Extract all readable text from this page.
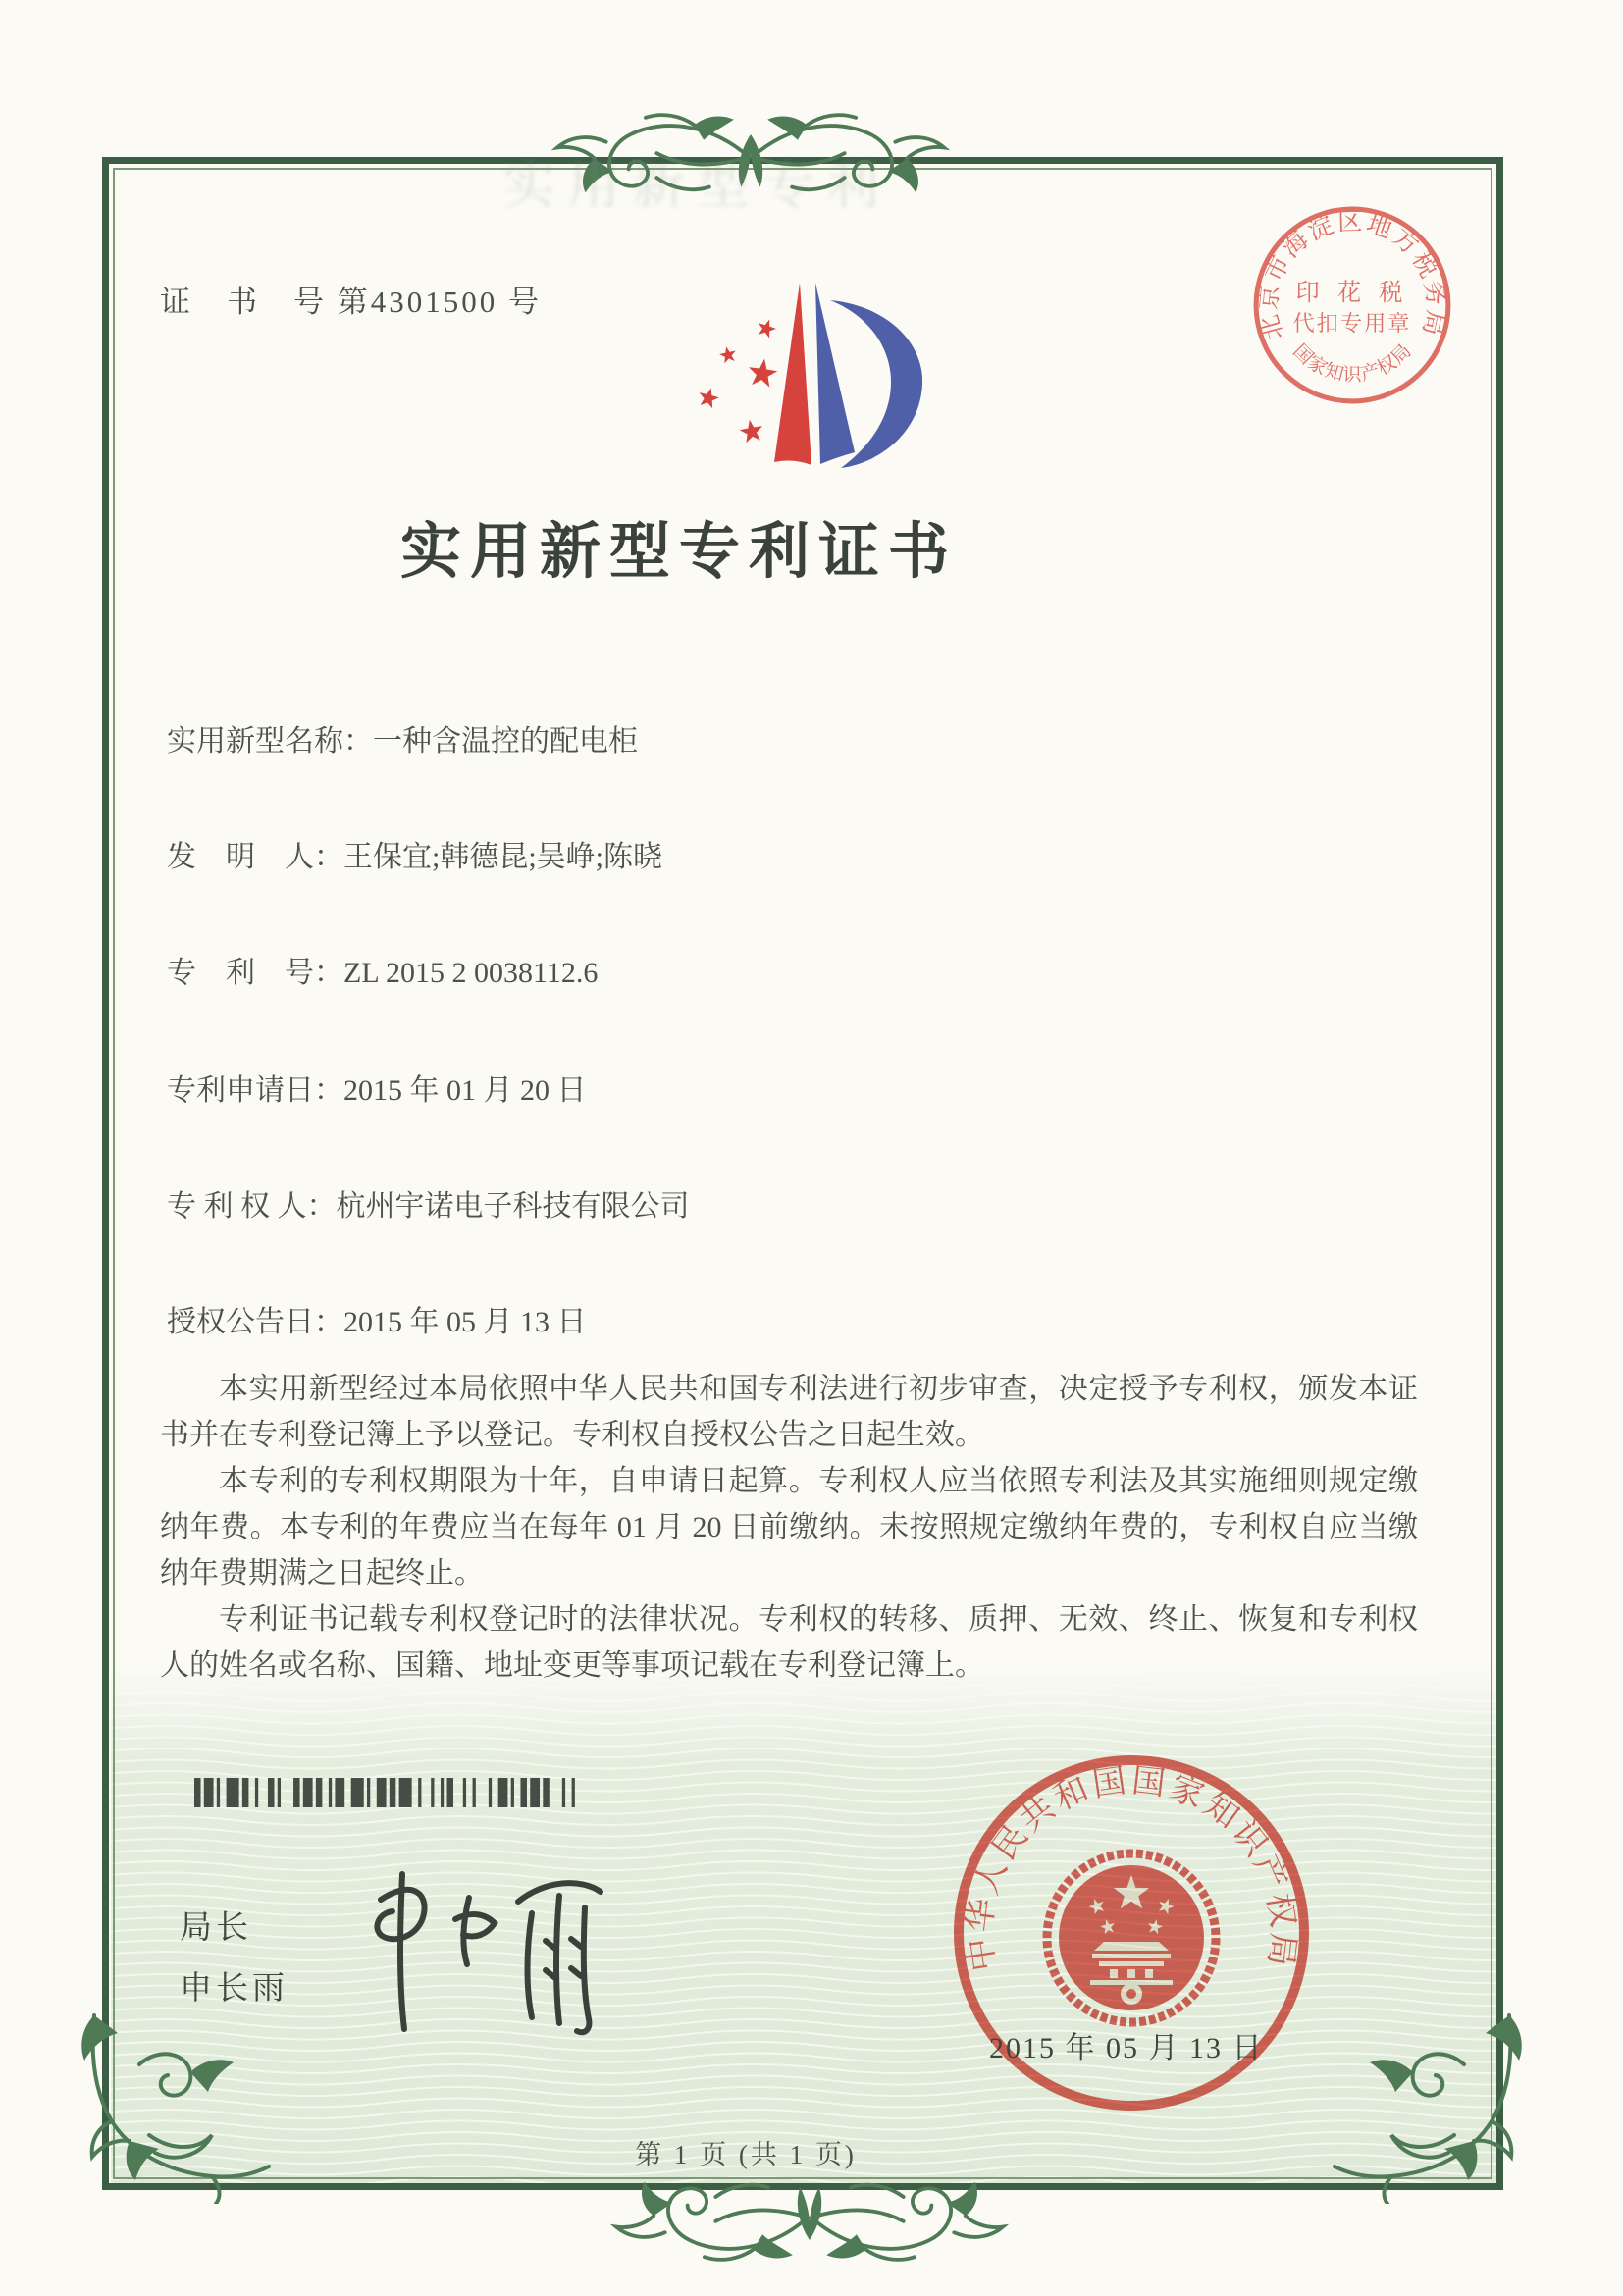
实用新型专利
证　书　号 第4301500 号
北京市海淀区地方税务局
国家知识产权局
印 花 税
代扣专用章
实用新型专利证书
实用新型名称：一种含温控的配电柜
发　明　人：王保宜;韩德昆;吴峥;陈晓
专　利　号：ZL 2015 2 0038112.6
专利申请日：2015 年 01 月 20 日
专 利 权 人：杭州宇诺电子科技有限公司
授权公告日：2015 年 05 月 13 日

本实用新型经过本局依照中华人民共和国专利法进行初步审查，决定授予专利权，颁发本证书并在专利登记簿上予以登记。专利权自授权公告之日起生效。

本专利的专利权期限为十年，自申请日起算。专利权人应当依照专利法及其实施细则规定缴纳年费。本专利的年费应当在每年 01 月 20 日前缴纳。未按照规定缴纳年费的，专利权自应当缴纳年费期满之日起终止。

专利证书记载专利权登记时的法律状况。专利权的转移、质押、无效、终止、恢复和专利权人的姓名或名称、国籍、地址变更等事项记载在专利登记簿上。

局长
申长雨
中华人民共和国国家知识产权局
2015 年 05 月 13 日
第 1 页 (共 1 页)
